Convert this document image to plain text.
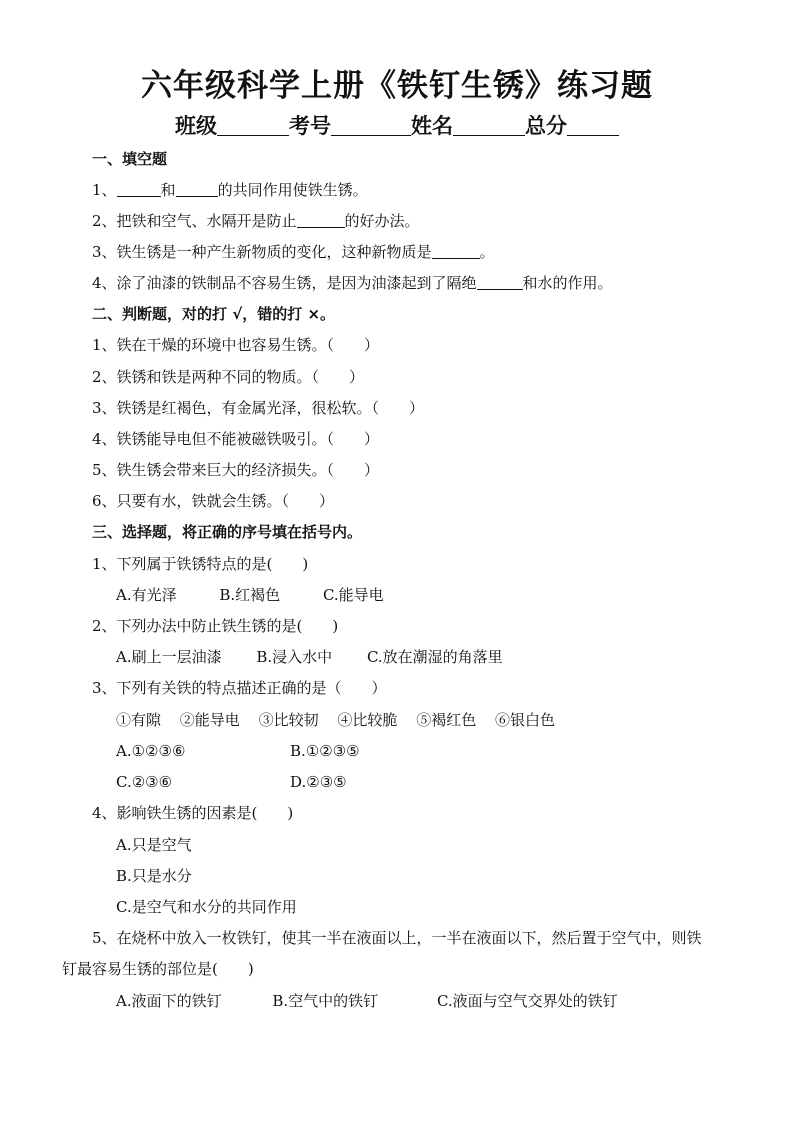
六年级科学上册《铁钉生锈》练习题
班级	考号	姓名	总分
一、填空题
1、	和	的共同作用使铁生锈。
2、把铁和空气、水隔开是防止	的好办法。
3、铁生锈是一种产生新物质的变化，这种新物质是	。
4、涂了油漆的铁制品不容易生锈，是因为油漆起到了隔绝	和水的作用。
二、判断题，对的打 √，错的打 ×。
1、铁在干燥的环境中也容易生锈。（　　）
2、铁锈和铁是两种不同的物质。（　　）
3、铁锈是红褐色，有金属光泽，很松软。（　　）
4、铁锈能导电但不能被磁铁吸引。（　　）
5、铁生锈会带来巨大的经济损失。（　　）
6、只要有水，铁就会生锈。（　　）
三、选择题，将正确的序号填在括号内。
1、下列属于铁锈特点的是(　　)
A.有光泽	B.红褐色	C.能导电
2、下列办法中防止铁生锈的是(　　)
A.刷上一层油漆 B.浸入水中 C.放在潮湿的角落里
3、下列有关铁的特点描述正确的是（　　）
①有隙 ②能导电 ③比较韧 ④比较脆 ⑤褐红色 ⑥银白色
A.①②③⑥	B.①②③⑤
C.②③⑥	D.②③⑤
4、影响铁生锈的因素是(　　)
A.只是空气
B.只是水分
C.是空气和水分的共同作用
5、在烧杯中放入一枚铁钉，使其一半在液面以上，一半在液面以下，然后置于空气中，则铁
钉最容易生锈的部位是(　　)
A.液面下的铁钉	B.空气中的铁钉	C.液面与空气交界处的铁钉
